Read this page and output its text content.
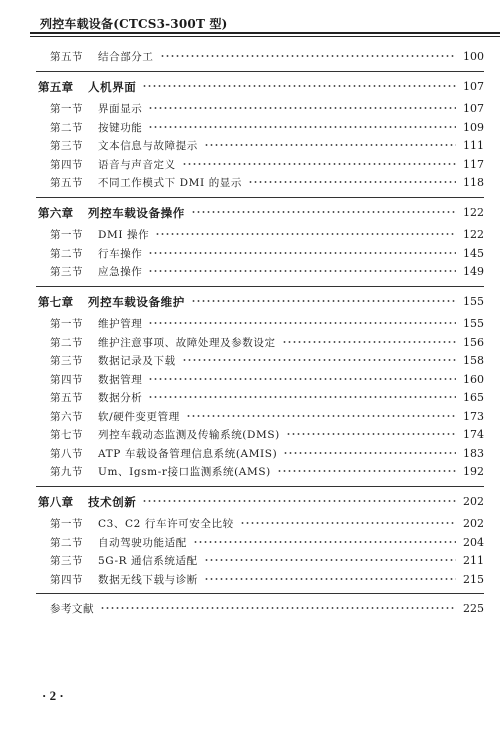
列控车载设备(CTCS3-300T 型)
第五节 结合部分工	100
第五章 人机界面	107
第一节 界面显示	107
第二节 按键功能	109
第三节 文本信息与故障提示	111
第四节 语音与声音定义	117
第五节 不同工作模式下 DMI 的显示	118
第六章 列控车载设备操作	122
第一节 DMI 操作	122
第二节 行车操作	145
第三节 应急操作	149
第七章 列控车载设备维护	155
第一节 维护管理	155
第二节 维护注意事项、故障处理及参数设定	156
第三节 数据记录及下载	158
第四节 数据管理	160
第五节 数据分析	165
第六节 软/硬件变更管理	173
第七节 列控车载动态监测及传输系统(DMS)	174
第八节 ATP 车载设备管理信息系统(AMIS)	183
第九节 Um、Igsm-r接口监测系统(AMS)	192
第八章 技术创新	202
第一节 C3、C2 行车许可安全比较	202
第二节 自动驾驶功能适配	204
第三节 5G-R 通信系统适配	211
第四节 数据无线下载与诊断	215
参考文献	225
· 2 ·
